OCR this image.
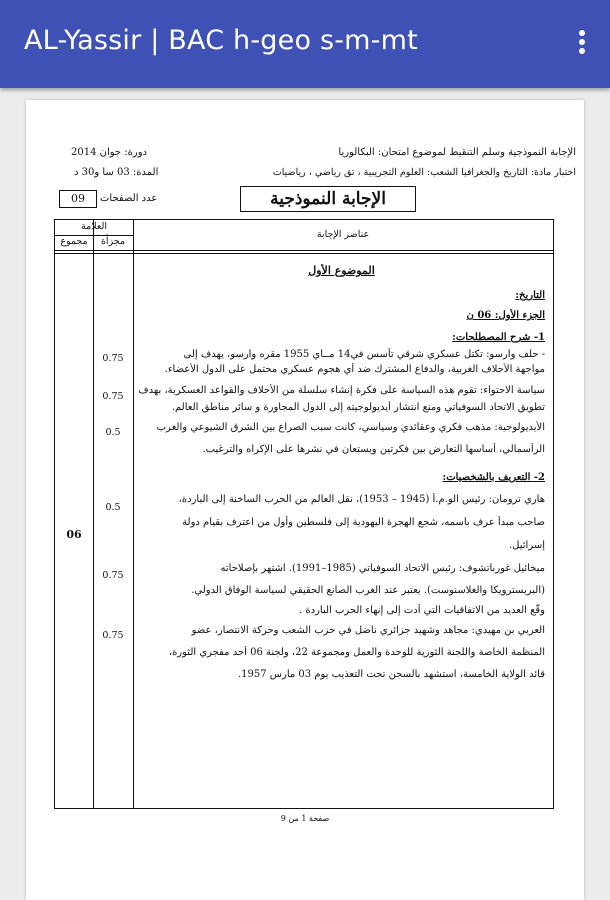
AL-Yassir | BAC h-geo s-m-mt
الإجابة النموذجية وسلم التنقيط لموضوع امتحان: البكالوريا
دورة: جوان 2014
اختبار مادة: التاريخ والجغرافيا الشعب: العلوم التجريبية ، تق رياضي ، رياضيات
المدة: 03 سا و30 د
09	عدد الصفحات	الإجابة النموذجية
العلامة
مجزأة
مجموع
عناصر الإجابة
الموضوع الأول
التاريخ:
الجزء الأول: 06 ن
1- شرح المصطلحات:
- حلف وارسو: تكتل عسكري شرقي تأسس في14 مــاي 1955 مقره وارسو، يهدف إلى
مواجهة الأحلاف الغربية، والدفاع المشترك ضد أي هجوم عسكري محتمل على الدول الأعضاء.
سياسة الاحتواء: تقوم هذه السياسة على فكرة إنشاء سلسلة من الأحلاف والقواعد العسكرية، بهدف
تطويق الاتحاد السوفياتي ومنع انتشار أيديولوجيته إلى الدول المجاورة و سائر مناطق العالم.
الأيديولوجية: مذهب فكري وعقائدي وسياسي، كانت سبب الصراع بين الشرق الشيوعي والغرب
الرأسمالي، أساسها التعارض بين فكرتين ويستعان في نشرها على الإكراه والترغيب.
2- التعريف بالشخصيات:
هاري ترومان: رئيس الو.م.أ (1945 – 1953)، نقل العالم من الحرب الساخنة إلى الباردة،
صاحب مبدأ عرف باسمه، شجع الهجرة اليهودية إلى فلسطين وأول من اعترف بقيام دولة
إسرائيل.
ميخائيل غورباتشوف: رئيس الاتحاد السوفياتي (1985–1991). اشتهر بإصلاحاته
(البريسترويكا والغلاسنوست). يعتبر عند الغرب الصانع الحقيقي لسياسة الوفاق الدولي.
وقّع العديد من الاتفاقيات التي أدت إلى إنهاء الحرب الباردة .
العربي بن مهيدي: مجاهد وشهيد جزائري ناضل في حزب الشعب وحركة الانتصار، عضو
المنظمة الخاصة واللجنة الثورية للوحدة والعمل ومجموعة 22، ولجنة 06 أحد مفجري الثورة،
قائد الولاية الخامسة، استشهد بالسجن تحت التعذيب يوم 03 مارس 1957.
0.75
0.75
0.5
0.5
0.75
0.75
06
صفحة 1 من 9
